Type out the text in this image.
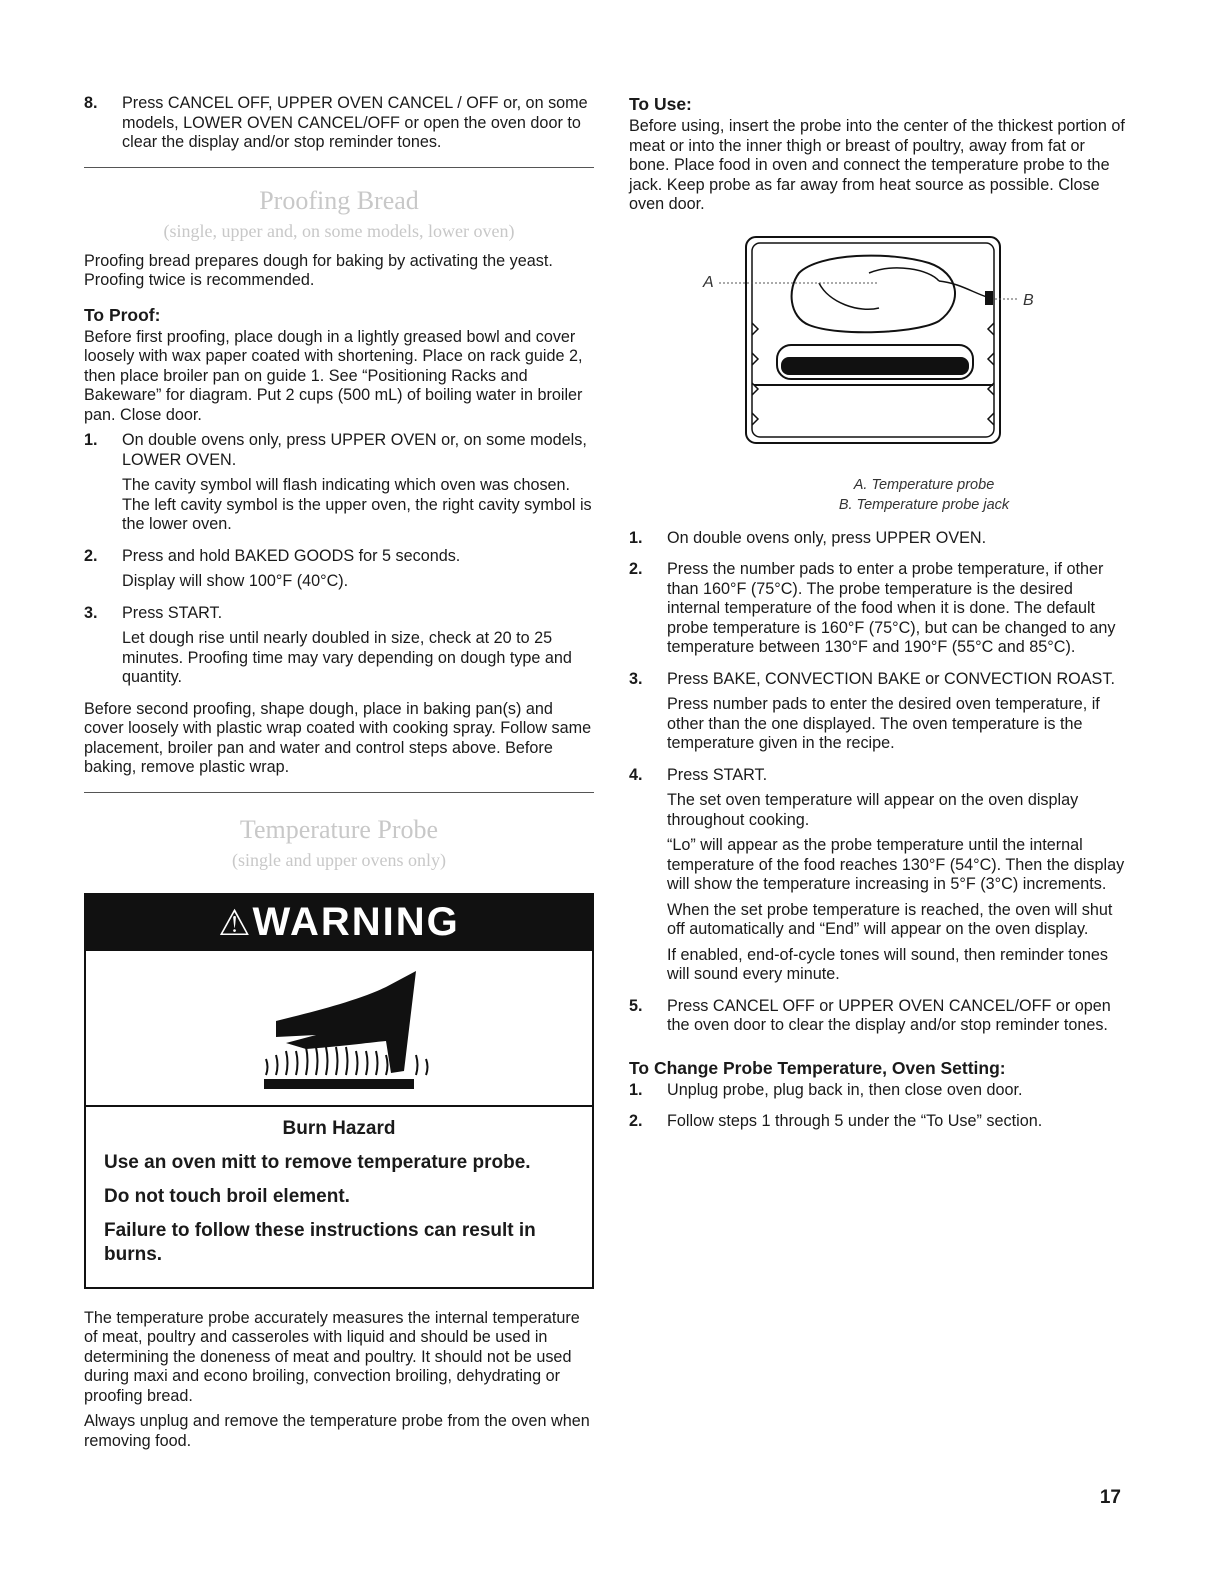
8.	Press CANCEL OFF, UPPER OVEN CANCEL / OFF or, on some models, LOWER OVEN CANCEL/OFF or open the oven door to clear the display and/or stop reminder tones.

Proofing Bread
(single, upper and, on some models, lower oven)

Proofing bread prepares dough for baking by activating the yeast. Proofing twice is recommended.

To Proof:

Before first proofing, place dough in a lightly greased bowl and cover loosely with wax paper coated with shortening. Place on rack guide 2, then place broiler pan on guide 1. See “Positioning Racks and Bakeware” for diagram. Put 2 cups (500 mL) of boiling water in broiler pan. Close door.

1.	On double ovens only, press UPPER OVEN or, on some models, LOWER OVEN.

The cavity symbol will flash indicating which oven was chosen. The left cavity symbol is the upper oven, the right cavity symbol is the lower oven.

2.	Press and hold BAKED GOODS for 5 seconds.

Display will show 100°F (40°C).

3.	Press START.

Let dough rise until nearly doubled in size, check at 20 to 25 minutes. Proofing time may vary depending on dough type and quantity.

Before second proofing, shape dough, place in baking pan(s) and cover loosely with plastic wrap coated with cooking spray. Follow same placement, broiler pan and water and control steps above. Before baking, remove plastic wrap.

Temperature Probe
(single and upper ovens only)
⚠WARNING
Burn Hazard
Use an oven mitt to remove temperature probe.
Do not touch broil element.
Failure to follow these instructions can result in burns.

The temperature probe accurately measures the internal temperature of meat, poultry and casseroles with liquid and should be used in determining the doneness of meat and poultry. It should not be used during maxi and econo broiling, convection broiling, dehydrating or proofing bread.

Always unplug and remove the temperature probe from the oven when removing food.

To Use:

Before using, insert the probe into the center of the thickest portion of meat or into the inner thigh or breast of poultry, away from fat or bone. Place food in oven and connect the temperature probe to the jack. Keep probe as far away from heat source as possible. Close oven door.

A
B
A. Temperature probe
B. Temperature probe jack
1.	On double ovens only, press UPPER OVEN.

2.	Press the number pads to enter a probe temperature, if other than 160°F (75°C). The probe temperature is the desired internal temperature of the food when it is done. The default probe temperature is 160°F (75°C), but can be changed to any temperature between 130°F and 190°F (55°C and 85°C).

3.	Press BAKE, CONVECTION BAKE or CONVECTION ROAST.

Press number pads to enter the desired oven temperature, if other than the one displayed. The oven temperature is the temperature given in the recipe.

4.	Press START.

The set oven temperature will appear on the oven display throughout cooking.

“Lo” will appear as the probe temperature until the internal temperature of the food reaches 130°F (54°C). Then the display will show the temperature increasing in 5°F (3°C) increments.

When the set probe temperature is reached, the oven will shut off automatically and “End” will appear on the oven display.

If enabled, end-of-cycle tones will sound, then reminder tones will sound every minute.

5.	Press CANCEL OFF or UPPER OVEN CANCEL/OFF or open the oven door to clear the display and/or stop reminder tones.

To Change Probe Temperature, Oven Setting:
1.	Unplug probe, plug back in, then close oven door.

2.	Follow steps 1 through 5 under the “To Use” section.

17
